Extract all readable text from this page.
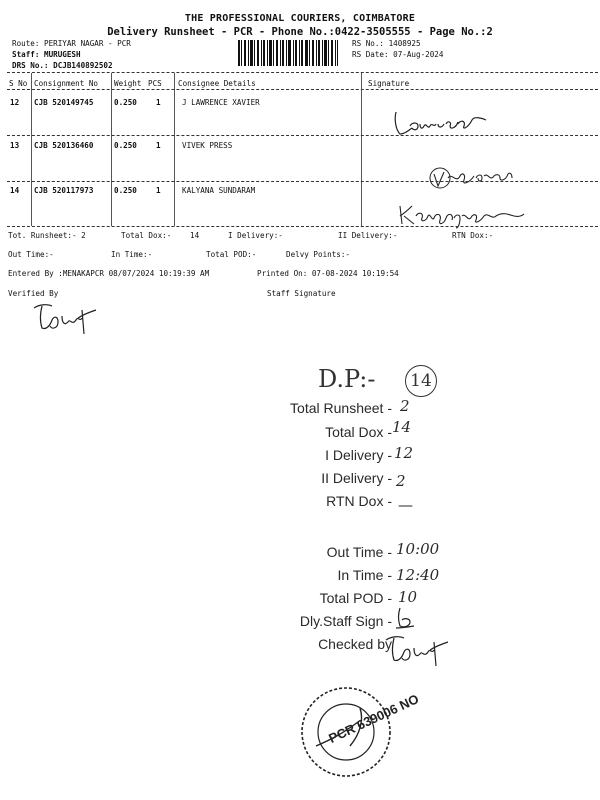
THE PROFESSIONAL COURIERS, COIMBATORE
Delivery Runsheet - PCR - Phone No.:0422-3505555 - Page No.:2
Route: PERIYAR NAGAR - PCR
Staff: MURUGESH
DRS No.: DCJB140892502
RS No.: 1408925
RS Date: 07-Aug-2024
S No Consignment No Weight PCS Consignee Details	Signature
12 CJB 520149745	0.250	1	J LAWRENCE XAVIER
13 CJB 520136460	0.250	1	VIVEK PRESS
14 CJB 520117973	0.250	1	KALYANA SUNDARAM
Tot. Runsheet:- 2	Total Dox:- 14	I Delivery:-	II Delivery:-	RTN Dox:-
Out Time:-	In Time:-	Total POD:-	Delvy Points:-
Entered By :MENAKAPCR 08/07/2024 10:19:39 AM	Printed On: 07-08-2024 10:19:54
Verified By	Staff Signature
D.P:-	14
Total Runsheet - 2
Total Dox - 14
I Delivery - 12
II Delivery - 2
RTN Dox - —
Out Time - 10:00
In Time - 12:40
Total POD - 10
Dly.Staff Sign -
Checked by
PCR 639006 NO
